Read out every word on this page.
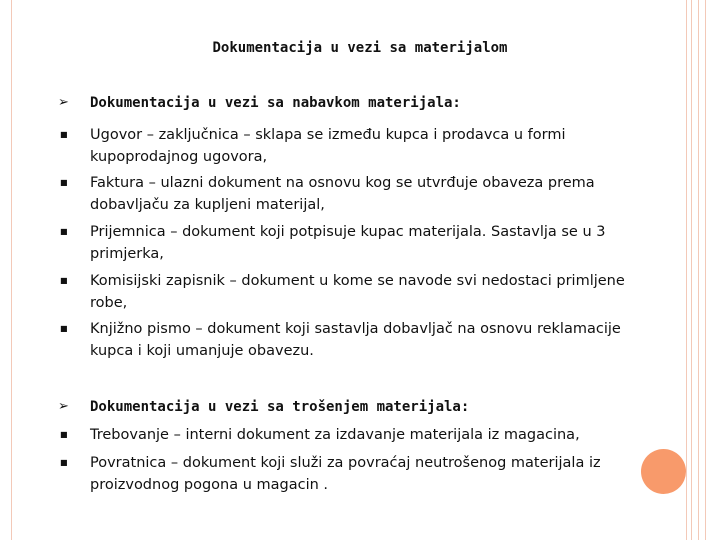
Dokumentacija u vezi sa materijalom
➢	Dokumentacija u vezi sa nabavkom materijala:
■	Ugovor – zaključnica – sklapa se između kupca i prodavca u formi kupoprodajnog ugovora,
■	Faktura – ulazni dokument na osnovu kog se utvrđuje obaveza prema dobavljaču za kupljeni materijal,
■	Prijemnica – dokument koji potpisuje kupac materijala. Sastavlja se u 3 primjerka,
■	Komisijski zapisnik – dokument u kome se navode svi nedostaci primljene robe,
■	Knjižno pismo – dokument koji sastavlja dobavljač na osnovu reklamacije kupca i koji umanjuje obavezu.
➢	Dokumentacija u vezi sa trošenjem materijala:
■	Trebovanje – interni dokument za izdavanje materijala iz magacina,
■	Povratnica – dokument koji služi za povraćaj neutrošenog materijala iz proizvodnog pogona u magacin .
